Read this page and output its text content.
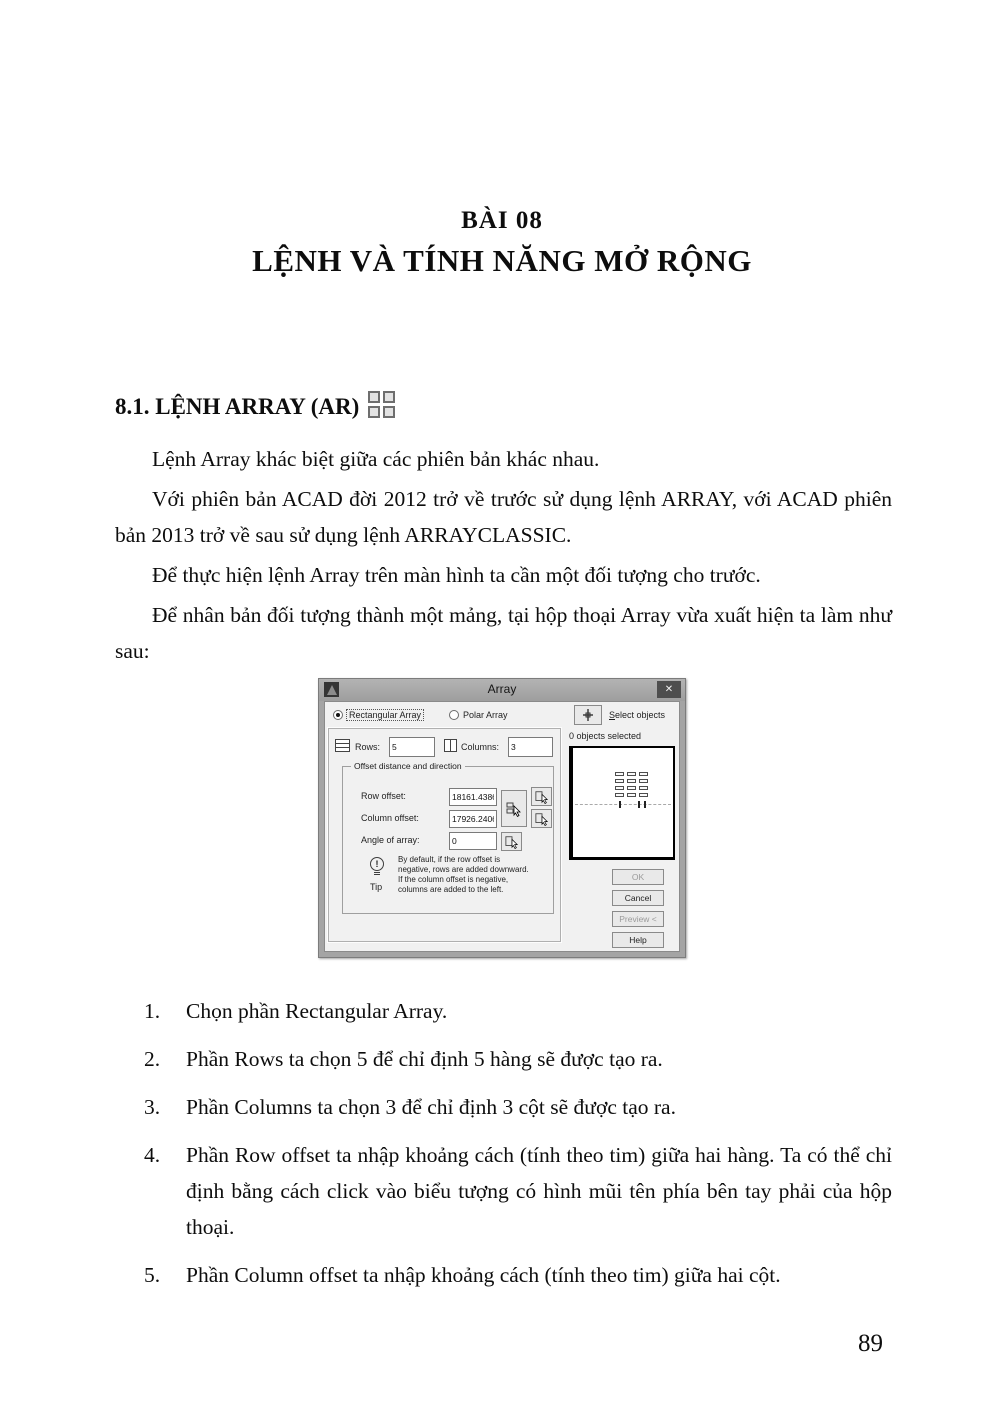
BÀI 08
LỆNH VÀ TÍNH NĂNG MỞ RỘNG
8.1. LỆNH ARRAY (AR)

Lệnh Array khác biệt giữa các phiên bản khác nhau.

Với phiên bản ACAD đời 2012 trở về trước sử dụng lệnh ARRAY, với ACAD phiên bản 2013 trở về sau sử dụng lệnh ARRAYCLASSIC.

Để thực hiện lệnh Array trên màn hình ta cần một đối tượng cho trước.

Để nhân bản đối tượng thành một mảng, tại hộp thoại Array vừa xuất hiện ta làm như sau:

Array	✕
Rectangular Array	Polar Array	Select objects
0 objects selected
Rows:
5	Columns:
3
Offset distance and direction
Row offset:
18161.4386
Column offset:
17926.2406
Angle of array:
0
!
Tip
By default, if the row offset is negative, rows are added downward. If the column offset is negative, columns are added to the left.
OK
Cancel
Preview <
Help
1.	Chọn phần Rectangular Array.
2.	Phần Rows ta chọn 5 để chỉ định 5 hàng sẽ được tạo ra.
3.	Phần Columns ta chọn 3 để chỉ định 3 cột sẽ được tạo ra.
4.	Phần Row offset ta nhập khoảng cách (tính theo tim) giữa hai hàng. Ta có thể chỉ định bằng cách click vào biểu tượng có hình mũi tên phía bên tay phải của hộp thoại.
5.	Phần Column offset ta nhập khoảng cách (tính theo tim) giữa hai cột.
89
